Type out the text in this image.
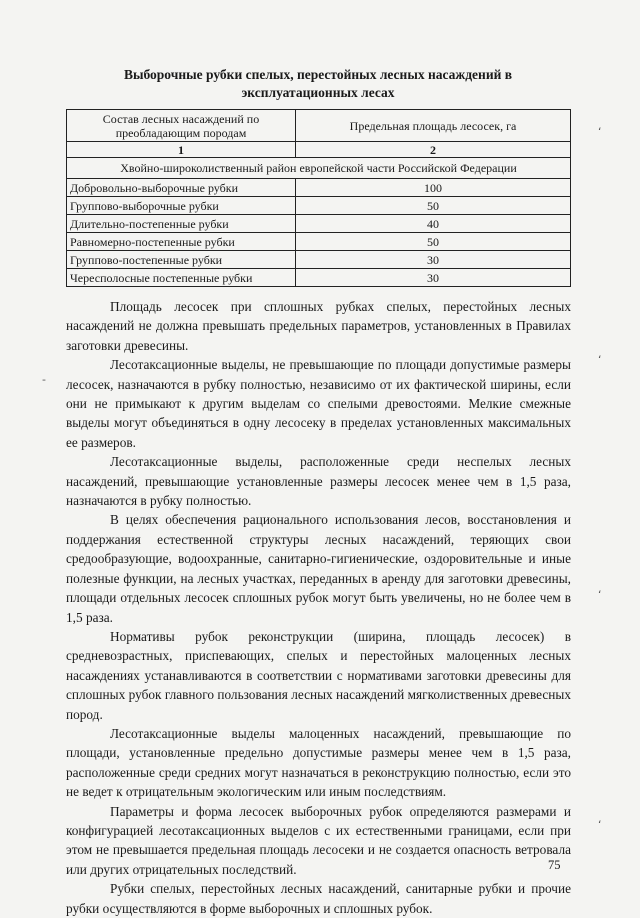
Выборочные рубки спелых, перестойных лесных насаждений в
эксплуатационных лесах
Состав лесных насаждений по преобладающим породам	Предельная площадь лесосек, га
1	2
Хвойно-широколиственный район европейской части Российской Федерации	
Добровольно-выборочные рубки	100
Группово-выборочные рубки	50
Длительно-постепенные рубки	40
Равномерно-постепенные рубки	50
Группово-постепенные рубки	30
Чересполосные постепенные рубки	30

Площадь лесосек при сплошных рубках спелых, перестойных лесных насаждений не должна превышать предельных параметров, установленных в Правилах заготовки древесины.

Лесотаксационные выделы, не превышающие по площади допустимые размеры лесосек, назначаются в рубку полностью, независимо от их фактической ширины, если они не примыкают к другим выделам со спелыми древостоями. Мелкие смежные выделы могут объединяться в одну лесосеку в пределах установленных максимальных ее размеров.

Лесотаксационные выделы, расположенные среди неспелых лесных насаждений, превышающие установленные размеры лесосек менее чем в 1,5 раза, назначаются в рубку полностью.

В целях обеспечения рационального использования лесов, восстановления и поддержания естественной структуры лесных насаждений, теряющих свои средообразующие, водоохранные, санитарно-гигиенические, оздоровительные и иные полезные функции, на лесных участках, переданных в аренду для заготовки древесины, площади отдельных лесосек сплошных рубок могут быть увеличены, но не более чем в 1,5 раза.

Нормативы рубок реконструкции (ширина, площадь лесосек) в средневозрастных, приспевающих, спелых и перестойных малоценных лесных насаждениях устанавливаются в соответствии с нормативами заготовки древесины для сплошных рубок главного пользования лесных насаждений мягколиственных древесных пород.

Лесотаксационные выделы малоценных насаждений, превышающие по площади, установленные предельно допустимые размеры менее чем в 1,5 раза, расположенные среди средних могут назначаться в реконструкцию полностью, если это не ведет к отрицательным экологическим или иным последствиям.

Параметры и форма лесосек выборочных рубок определяются размерами и конфигурацией лесотаксационных выделов с их естественными границами, если при этом не превышается предельная площадь лесосеки и не создается опасность ветровала или других отрицательных последствий.

Рубки спелых, перестойных лесных насаждений, санитарные рубки и прочие рубки осуществляются в форме выборочных и сплошных рубок.

75
ʻ
ʻ
ʻ
ʻ
-
